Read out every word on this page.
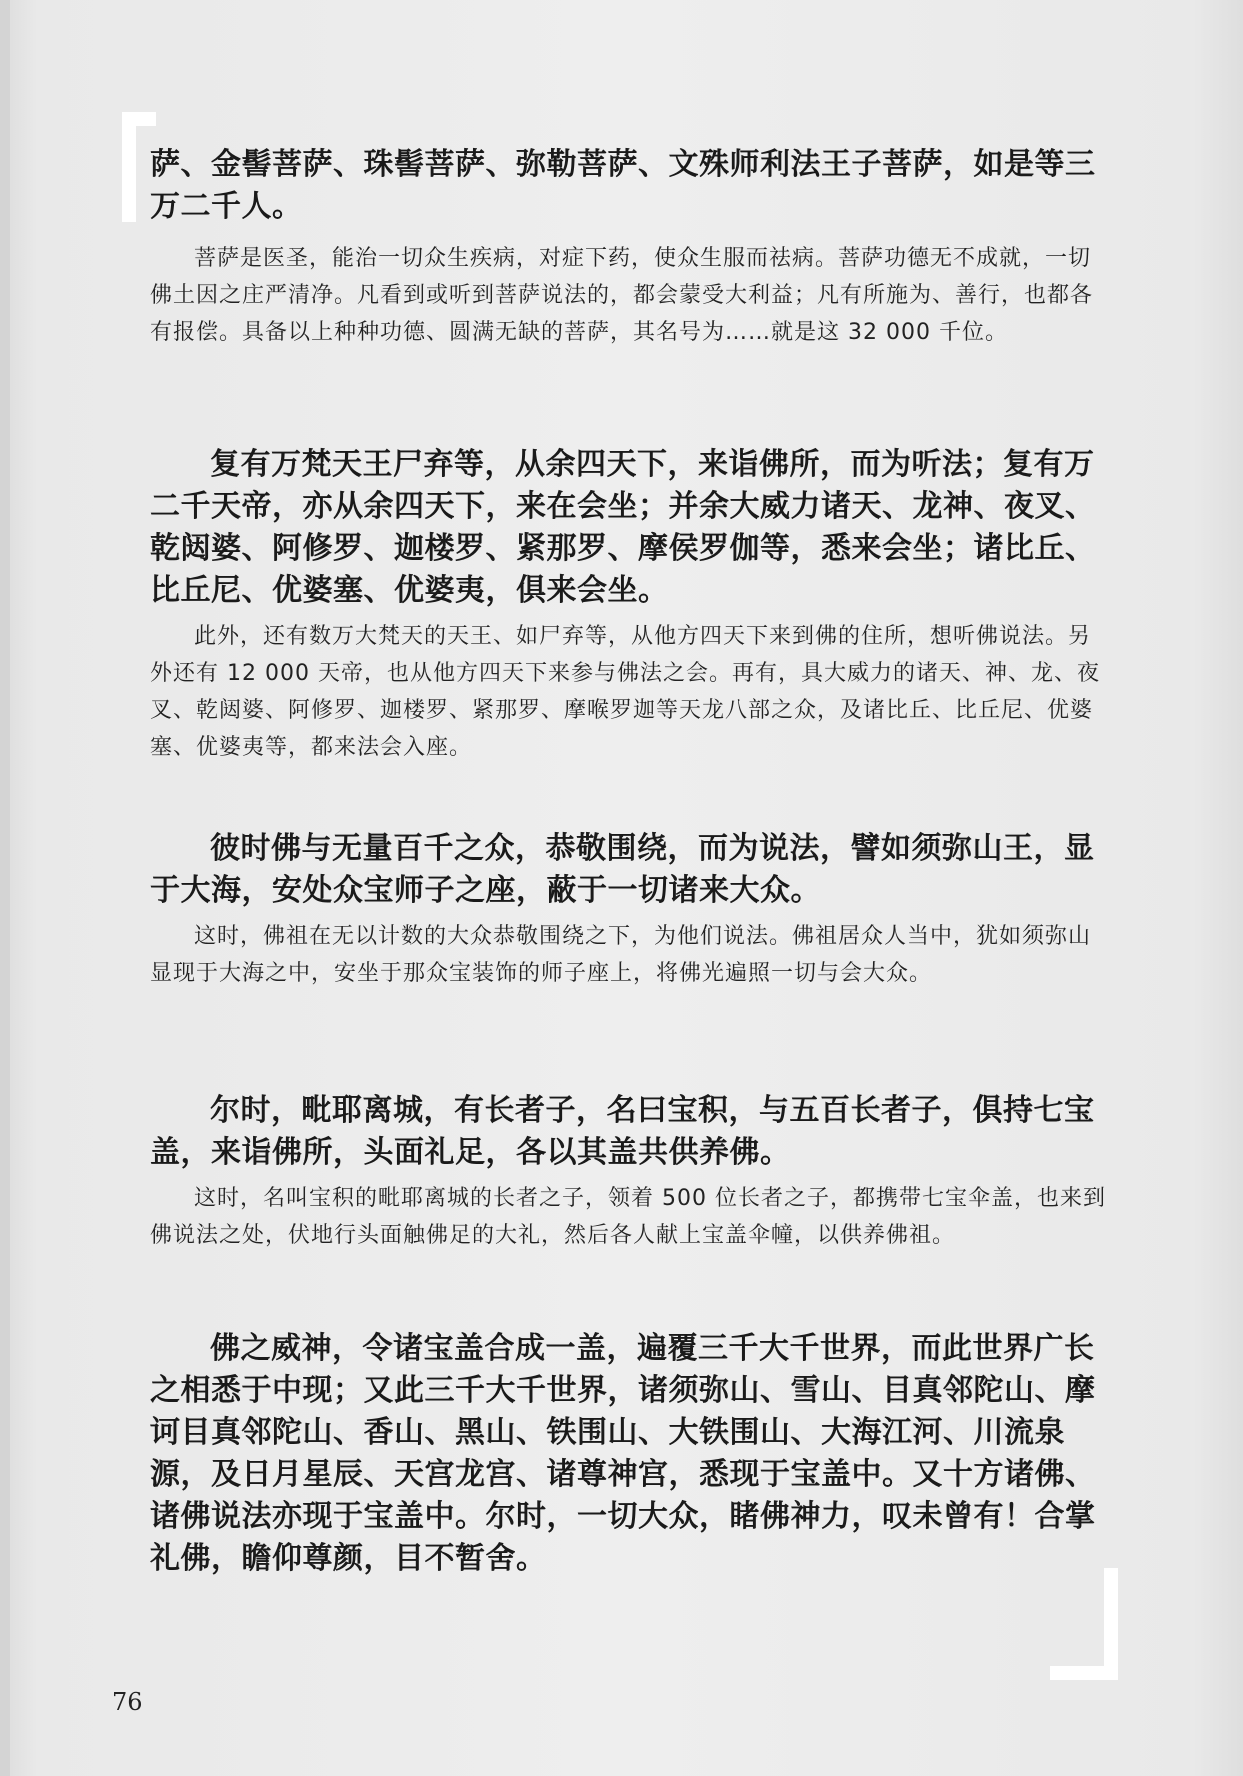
萨、金髻菩萨、珠髻菩萨、弥勒菩萨、文殊师利法王子菩萨，如是等三万二千人。

菩萨是医圣，能治一切众生疾病，对症下药，使众生服而祛病。菩萨功德无不成就，一切佛土因之庄严清净。凡看到或听到菩萨说法的，都会蒙受大利益；凡有所施为、善行，也都各有报偿。具备以上种种功德、圆满无缺的菩萨，其名号为……就是这 32 000 千位。

复有万梵天王尸弃等，从余四天下，来诣佛所，而为听法；复有万二千天帝，亦从余四天下，来在会坐；并余大威力诸天、龙神、夜叉、乾闼婆、阿修罗、迦楼罗、紧那罗、摩侯罗伽等，悉来会坐；诸比丘、比丘尼、优婆塞、优婆夷，俱来会坐。

此外，还有数万大梵天的天王、如尸弃等，从他方四天下来到佛的住所，想听佛说法。另外还有 12 000 天帝，也从他方四天下来参与佛法之会。再有，具大威力的诸天、神、龙、夜叉、乾闼婆、阿修罗、迦楼罗、紧那罗、摩喉罗迦等天龙八部之众，及诸比丘、比丘尼、优婆塞、优婆夷等，都来法会入座。

彼时佛与无量百千之众，恭敬围绕，而为说法，譬如须弥山王，显于大海，安处众宝师子之座，蔽于一切诸来大众。

这时，佛祖在无以计数的大众恭敬围绕之下，为他们说法。佛祖居众人当中，犹如须弥山显现于大海之中，安坐于那众宝装饰的师子座上，将佛光遍照一切与会大众。

尔时，毗耶离城，有长者子，名曰宝积，与五百长者子，俱持七宝盖，来诣佛所，头面礼足，各以其盖共供养佛。

这时，名叫宝积的毗耶离城的长者之子，领着 500 位长者之子，都携带七宝伞盖，也来到佛说法之处，伏地行头面触佛足的大礼，然后各人献上宝盖伞幢，以供养佛祖。

佛之威神，令诸宝盖合成一盖，遍覆三千大千世界，而此世界广长之相悉于中现；又此三千大千世界，诸须弥山、雪山、目真邻陀山、摩诃目真邻陀山、香山、黑山、铁围山、大铁围山、大海江河、川流泉源，及日月星辰、天宫龙宫、诸尊神宫，悉现于宝盖中。又十方诸佛、诸佛说法亦现于宝盖中。尔时，一切大众，睹佛神力，叹未曾有！合掌礼佛，瞻仰尊颜，目不暂舍。

76
